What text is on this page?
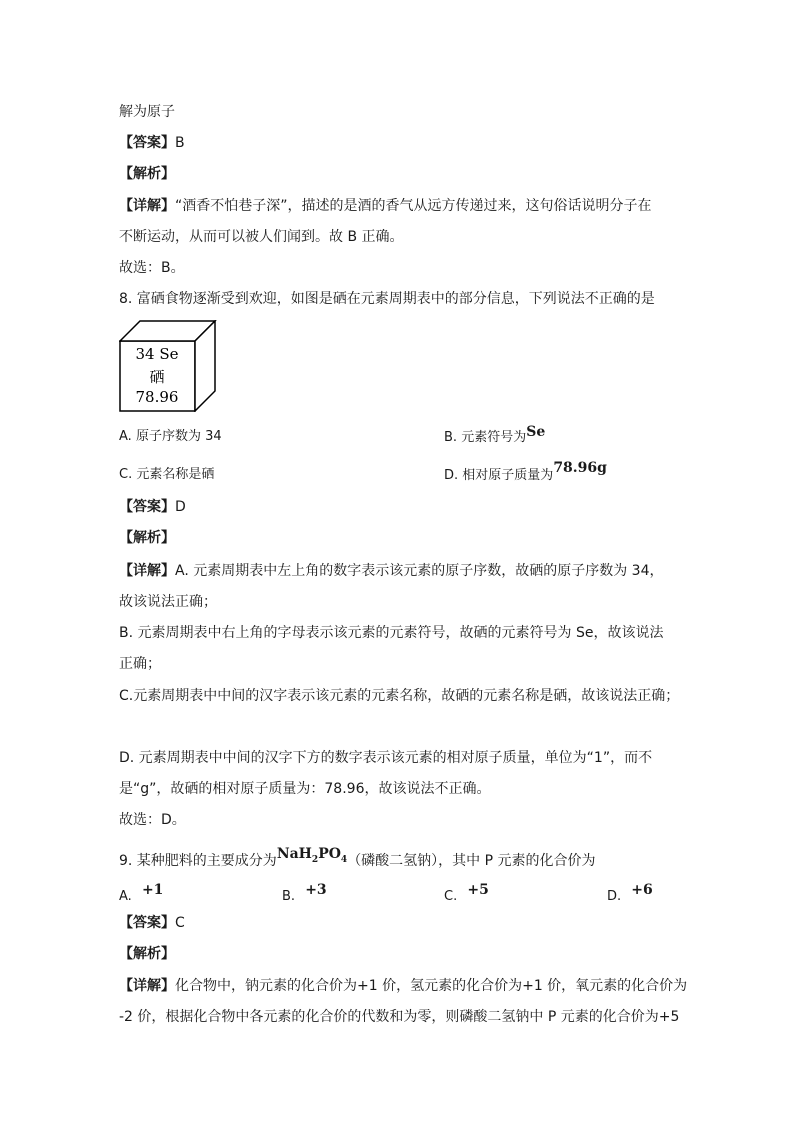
解为原子
【答案】B
【解析】
【详解】“酒香不怕巷子深”，描述的是酒的香气从远方传递过来，这句俗话说明分子在
不断运动，从而可以被人们闻到。故 B 正确。
故选：B。
8. 富硒食物逐渐受到欢迎，如图是硒在元素周期表中的部分信息，下列说法不正确的是
34 Se
硒
78.96
A. 原子序数为 34	B. 元素符号为Se
C. 元素名称是硒	D. 相对原子质量为78.96g
【答案】D
【解析】
【详解】A. 元素周期表中左上角的数字表示该元素的原子序数，故硒的原子序数为 34，
故该说法正确；
B. 元素周期表中右上角的字母表示该元素的元素符号，故硒的元素符号为 Se，故该说法
正确；
C.元素周期表中中间的汉字表示该元素的元素名称，故硒的元素名称是硒，故该说法正确；
D. 元素周期表中中间的汉字下方的数字表示该元素的相对原子质量，单位为“1”，而不
是“g”，故硒的相对原子质量为：78.96，故该说法不正确。
故选：D。
9. 某种肥料的主要成分为$NaH_2PO_4$（磷酸二氢钠），其中 P 元素的化合价为
A. +1	B. +3	C. +5	D. +6
【答案】C
【解析】
【详解】化合物中，钠元素的化合价为+1 价，氢元素的化合价为+1 价，氧元素的化合价为
-2 价，根据化合物中各元素的化合价的代数和为零，则磷酸二氢钠中 P 元素的化合价为+5
